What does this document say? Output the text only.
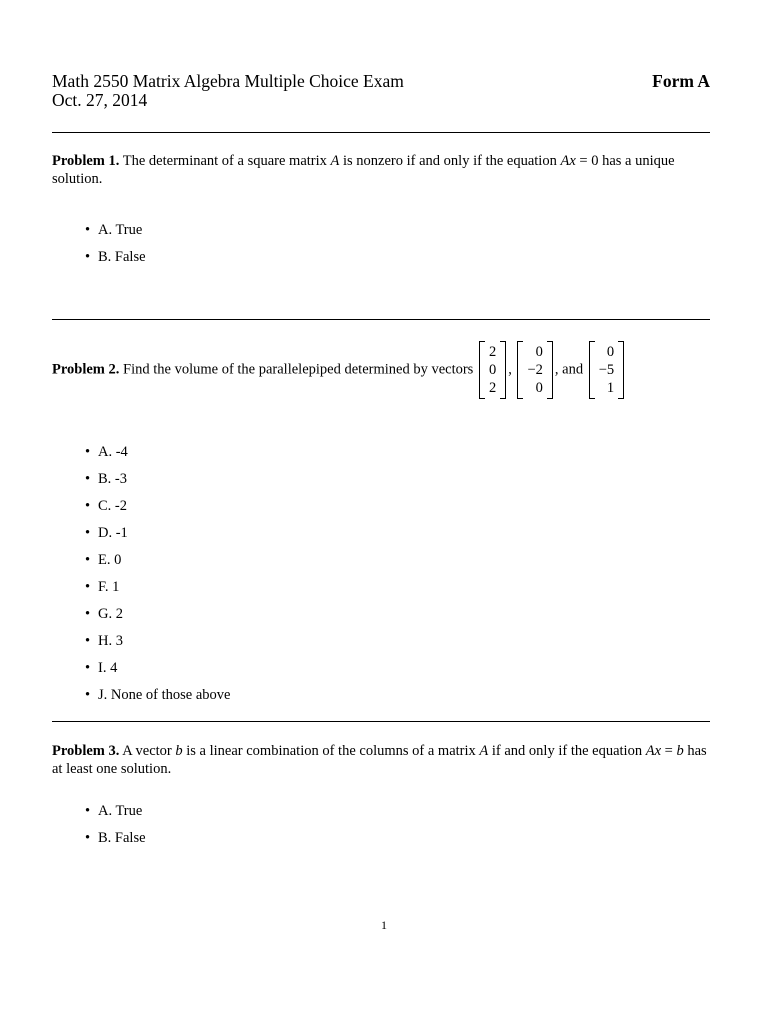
Math 2550 Matrix Algebra Multiple Choice Exam
Oct. 27, 2014
Form A
Problem 1. The determinant of a square matrix A is nonzero if and only if the equation Ax = 0 has a unique solution.
• A. True
• B. False
Problem 2. Find the volume of the parallelepiped determined by vectors
2
0
2
,
0
−2
0
, and
0
−5
1
• A. -4
• B. -3
• C. -2
• D. -1
• E. 0
• F. 1
• G. 2
• H. 3
• I. 4
• J. None of those above
Problem 3. A vector b is a linear combination of the columns of a matrix A if and only if the equation Ax = b has at least one solution.
• A. True
• B. False
1
